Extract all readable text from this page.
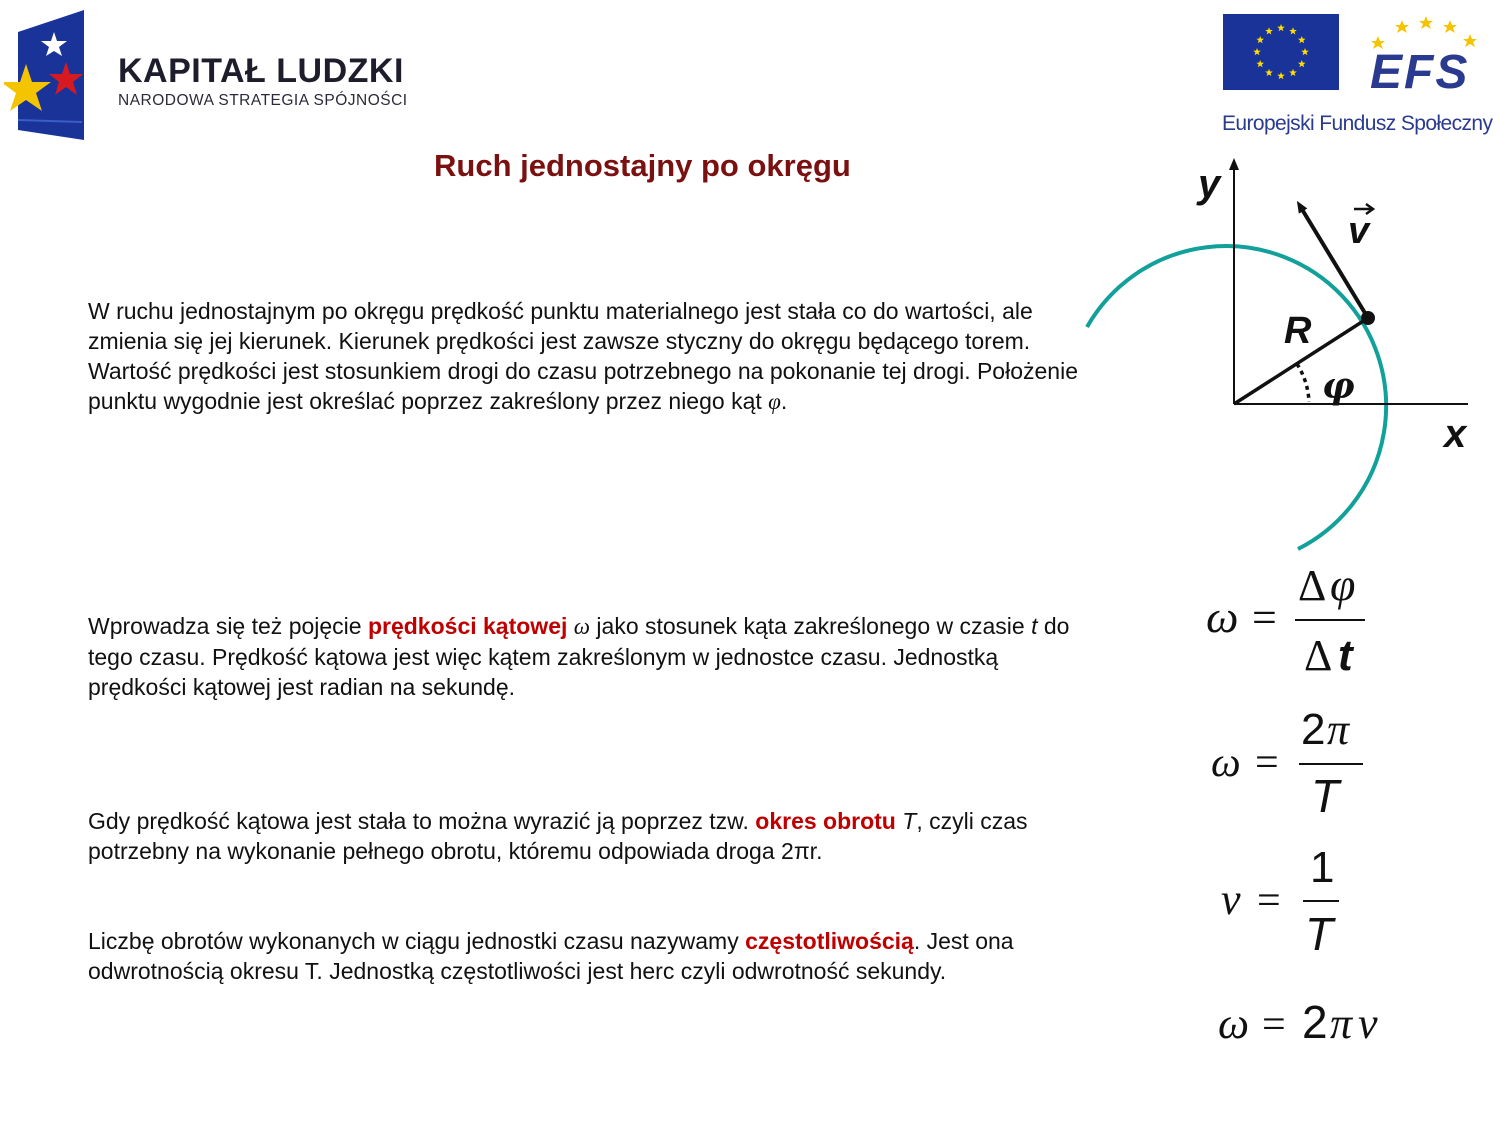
KAPITAŁ LUDZKI
NARODOWA STRATEGIA SPÓJNOŚCI
EFS
Europejski Fundusz Społeczny
Ruch jednostajny po okręgu
W ruchu jednostajnym po okręgu prędkość punktu materialnego jest stała co do wartości, ale zmienia się jej kierunek. Kierunek prędkości jest zawsze styczny do okręgu będącego torem. Wartość prędkości jest stosunkiem drogi do czasu potrzebnego na pokonanie tej drogi. Położenie punktu wygodnie jest określać poprzez zakreślony przez niego kąt φ.
Wprowadza się też pojęcie prędkości kątowej ω jako stosunek kąta zakreślonego w czasie t do tego czasu. Prędkość kątowa jest więc kątem zakreślonym w jednostce czasu. Jednostką prędkości kątowej jest radian na sekundę.
Gdy prędkość kątowa jest stała to można wyrazić ją poprzez tzw. okres obrotu T, czyli czas potrzebny na wykonanie pełnego obrotu, któremu odpowiada droga 2πr.
Liczbę obrotów wykonanych w ciągu jednostki czasu nazywamy częstotliwością. Jest ona odwrotnością okresu T. Jednostką częstotliwości jest herc czyli odwrotność sekundy.
y
x
R
φ
v
ω =
Δ φ
Δ t
ω =
2 π
T
ν =
1
T
ω = 2 π ν
